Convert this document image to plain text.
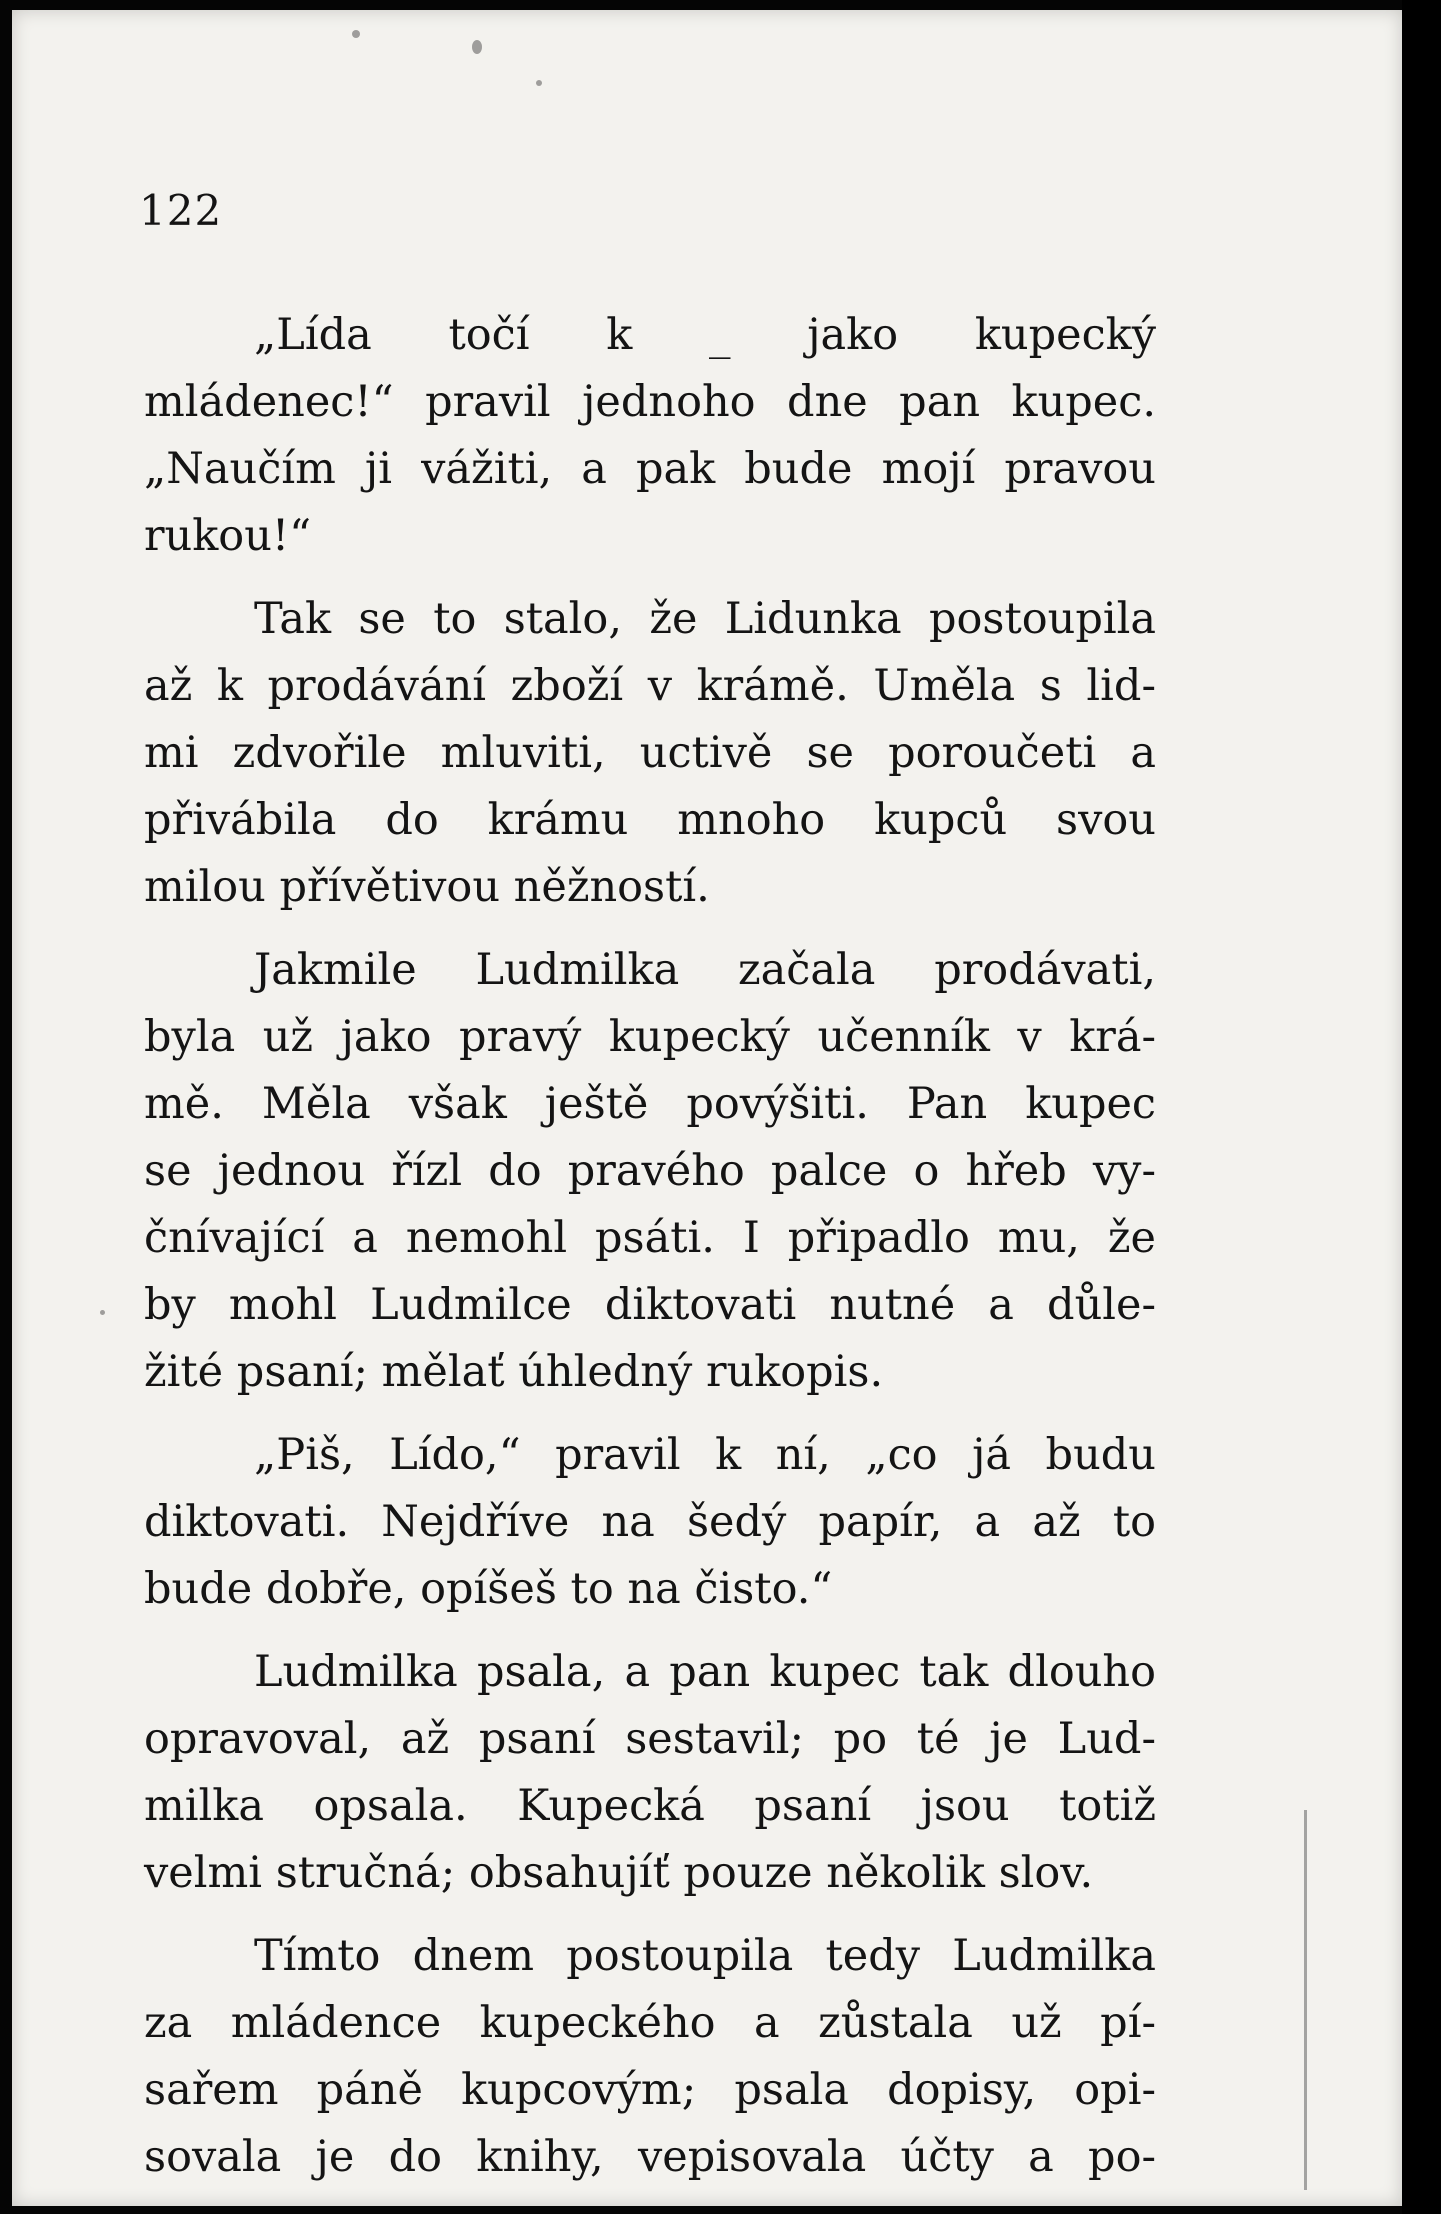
122
„Lída točí k _ jako kupecký
mládenec!“ pravil jednoho dne pan kupec.
„Naučím ji vážiti, a pak bude mojí pravou
rukou!“
Tak se to stalo, že Lidunka postoupila
až k prodávání zboží v krámě. Uměla s lid-
mi zdvořile mluviti, uctivě se poroučeti a
přivábila do krámu mnoho kupců svou
milou přívětivou něžností.
Jakmile Ludmilka začala prodávati,
byla už jako pravý kupecký učenník v krá-
mě. Měla však ještě povýšiti. Pan kupec
se jednou řízl do pravého palce o hřeb vy-
čnívající a nemohl psáti. I připadlo mu, že
by mohl Ludmilce diktovati nutné a důle-
žité psaní; mělať úhledný rukopis.
„Piš, Lído,“ pravil k ní, „co já budu
diktovati. Nejdříve na šedý papír, a až to
bude dobře, opíšeš to na čisto.“
Ludmilka psala, a pan kupec tak dlouho
opravoval, až psaní sestavil; po té je Lud-
milka opsala. Kupecká psaní jsou totiž
velmi stručná; obsahujíť pouze několik slov.
Tímto dnem postoupila tedy Ludmilka
za mládence kupeckého a zůstala už pí-
sařem páně kupcovým; psala dopisy, opi-
sovala je do knihy, vepisovala účty a po-
